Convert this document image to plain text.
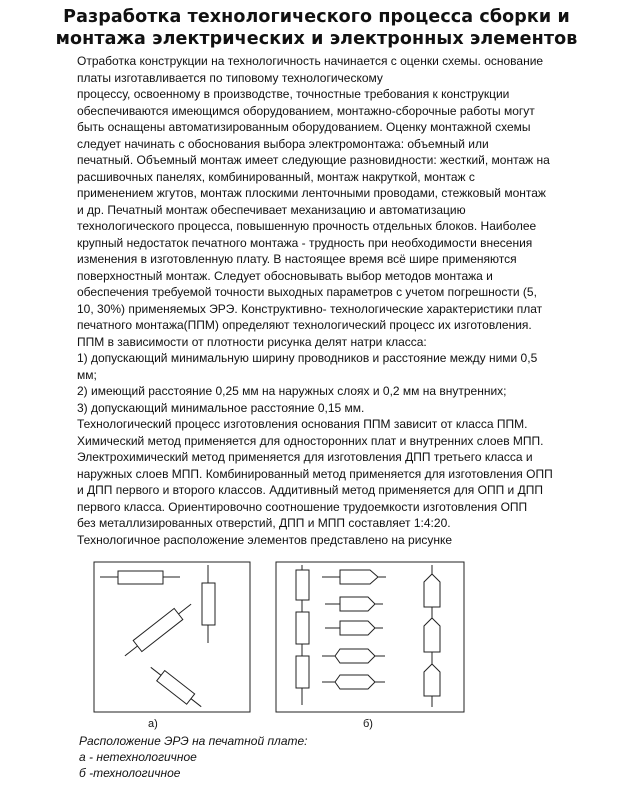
Разработка технологического процесса сборки и
монтажа электрических и электронных элементов
Отработка конструкции на технологичность начинается с оценки схемы. основание
платы изготавливается по типовому технологическому
процессу, освоенному в производстве, точностные требования к конструкции
обеспечиваются имеющимся оборудованием, монтажно-сборочные работы могут
быть оснащены автоматизированным оборудованием. Оценку монтажной схемы
следует начинать с обоснования выбора электромонтажа: объемный или
печатный. Объемный монтаж имеет следующие разновидности: жесткий, монтаж на
расшивочных панелях, комбинированный, монтаж накруткой, монтаж с
применением жгутов, монтаж плоскими ленточными проводами, стежковый монтаж
и др. Печатный монтаж обеспечивает механизацию и автоматизацию
технологического процесса, повышенную прочность отдельных блоков. Наиболее
крупный недостаток печатного монтажа - трудность при необходимости внесения
изменения в изготовленную плату. В настоящее время всё шире применяются
поверхностный монтаж. Следует обосновывать выбор методов монтажа и
обеспечения требуемой точности выходных параметров с учетом погрешности (5,
10, 30%) применяемых ЭРЭ. Конструктивно- технологические характеристики плат
печатного монтажа(ППМ) определяют технологический процесс их изготовления.
ППМ в зависимости от плотности рисунка делят натри класса:
1) допускающий минимальную ширину проводников и расстояние между ними 0,5
мм;
2) имеющий расстояние 0,25 мм на наружных слоях и 0,2 мм на внутренних;
3) допускающий минимальное расстояние 0,15 мм.
Технологический процесс изготовления основания ППМ зависит от класса ППМ.
Химический метод применяется для односторонних плат и внутренних слоев МПП.
Электрохимический метод применяется для изготовления ДПП третьего класса и
наружных слоев МПП. Комбинированный метод применяется для изготовления ОПП
и ДПП первого и второго классов. Аддитивный метод применяется для ОПП и ДПП
первого класса. Ориентировочно соотношение трудоемкости изготовления ОПП
без металлизированных отверстий, ДПП и МПП составляет 1:4:20.
Технологичное расположение элементов представлено на рисунке
а)	б)
Расположение ЭРЭ на печатной плате:
а - нетехнологичное
б -технологичное
